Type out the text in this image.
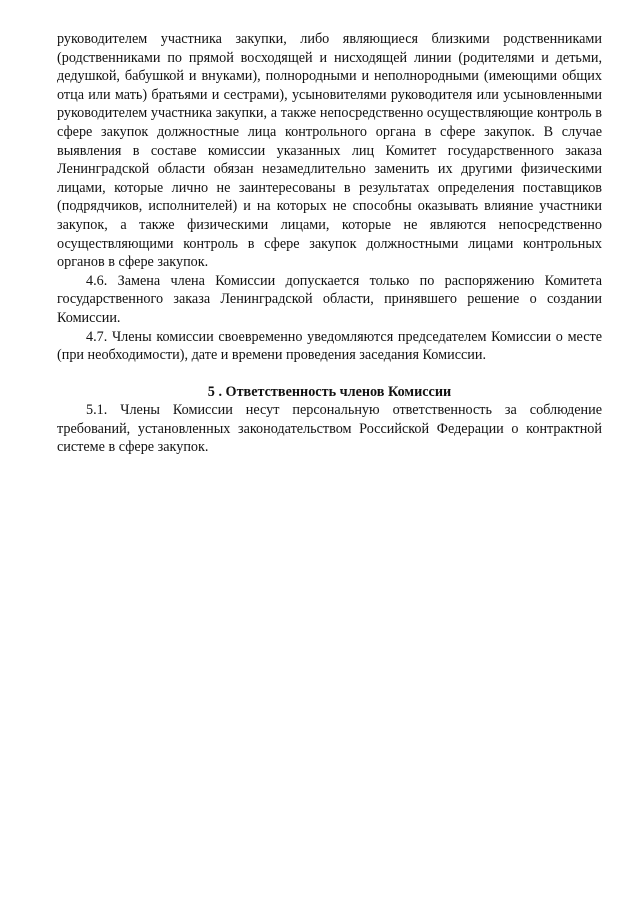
руководителем участника закупки, либо являющиеся близкими родственниками (родственниками по прямой восходящей и нисходящей линии (родителями и детьми, дедушкой, бабушкой и внуками), полнородными и неполнородными (имеющими общих отца или мать) братьями и сестрами), усыновителями руководителя или усыновленными руководителем участника закупки, а также непосредственно осуществляющие контроль в сфере закупок должностные лица контрольного органа в сфере закупок. В случае выявления в составе комиссии указанных лиц Комитет государственного заказа Ленинградской области обязан незамедлительно заменить их другими физическими лицами, которые лично не заинтересованы в результатах определения поставщиков (подрядчиков, исполнителей) и на которых не способны оказывать влияние участники закупок, а также физическими лицами, которые не являются непосредственно осуществляющими контроль в сфере закупок должностными лицами контрольных органов в сфере закупок.

4.6. Замена члена Комиссии допускается только по распоряжению Комитета государственного заказа Ленинградской области, принявшего решение о создании Комиссии.

4.7. Члены комиссии своевременно уведомляются председателем Комиссии о месте (при необходимости), дате и времени проведения заседания Комиссии.

5 . Ответственность членов Комиссии

5.1. Члены Комиссии несут персональную ответственность за соблюдение требований, установленных законодательством Российской Федерации о контрактной системе в сфере закупок.
